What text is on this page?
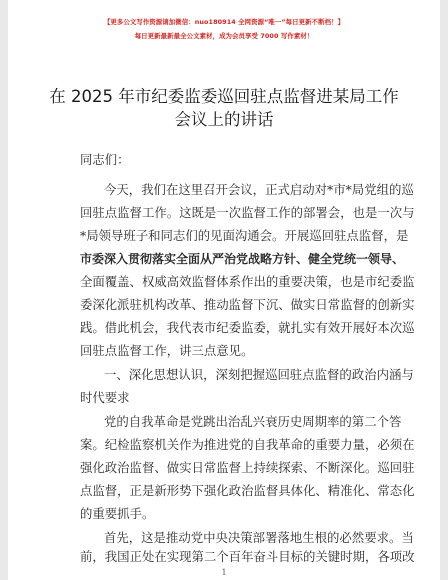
【更多公文写作资源请加微信：nuo180914 全网资源“唯一”每日更新不断档！】
每日更新最新最全公文素材，成为会员享受 7000 写作素材！
在 2025 年市纪委监委巡回驻点监督进某局工作
会议上的讲话
同志们：
今天，我们在这里召开会议，正式启动对*市*局党组的巡
回驻点监督工作。这既是一次监督工作的部署会，也是一次与
*局领导班子和同志们的见面沟通会。开展巡回驻点监督，是
市委深入贯彻落实全面从严治党战略方针、健全党统一领导、
全面覆盖、权威高效监督体系作出的重要决策，也是市纪委监
委深化派驻机构改革、推动监督下沉、做实日常监督的创新实
践。借此机会，我代表市纪委监委，就扎实有效开展好本次巡
回驻点监督工作，讲三点意见。
一、深化思想认识，深刻把握巡回驻点监督的政治内涵与
时代要求
党的自我革命是党跳出治乱兴衰历史周期率的第二个答
案。纪检监察机关作为推进党的自我革命的重要力量，必须在
强化政治监督、做实日常监督上持续探索、不断深化。巡回驻
点监督，正是新形势下强化政治监督具体化、精准化、常态化
的重要抓手。
首先，这是推动党中央决策部署落地生根的必然要求。当
1
前，我国正处在实现第二个百年奋斗目标的关键时期，各项改
